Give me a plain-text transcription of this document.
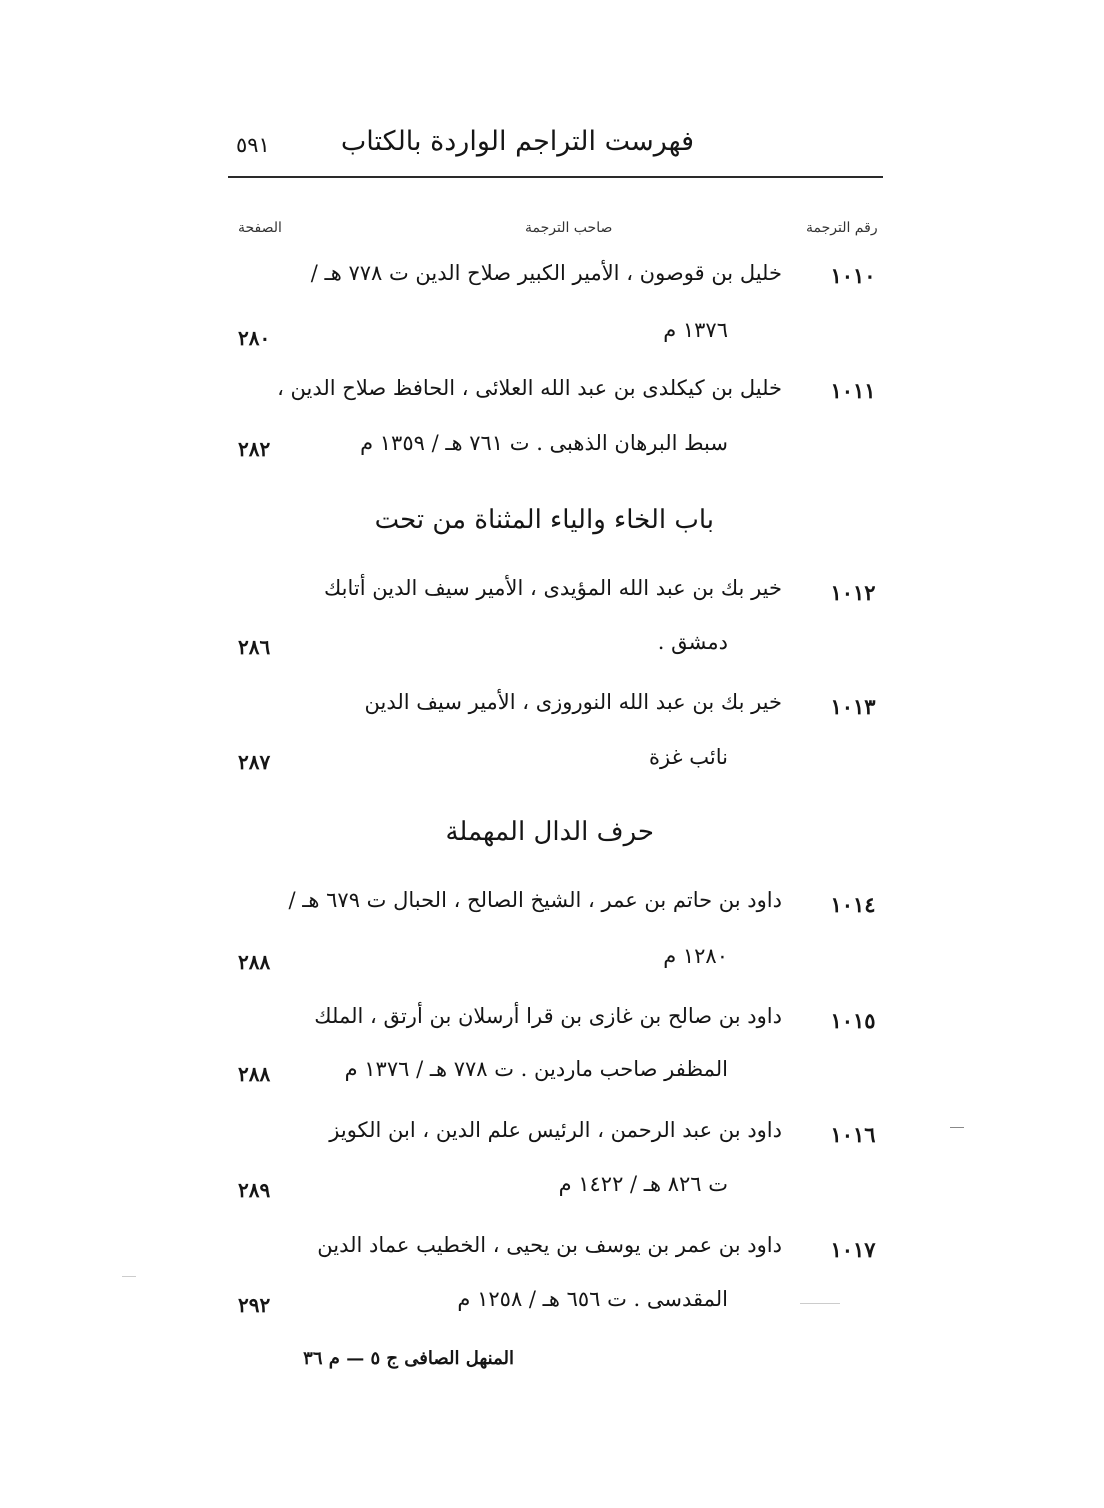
فهرست التراجم الواردة بالكتاب
٥٩١
رقم الترجمة
صاحب الترجمة
الصفحة
١٠١٠
خليل بن قوصون ، الأمير الكبير صلاح الدين ت ٧٧٨ هـ /
١٣٧٦ م
٢٨٠
١٠١١
خليل بن كيكلدى بن عبد الله العلائى ، الحافظ صلاح الدين ،
سبط البرهان الذهبى . ت ٧٦١ هـ / ١٣٥٩ م
٢٨٢
باب الخاء والياء المثناة من تحت
١٠١٢
خير بك بن عبد الله المؤيدى ، الأمير سيف الدين أتابك
دمشق .
٢٨٦
١٠١٣
خير بك بن عبد الله النوروزى ، الأمير سيف الدين
نائب غزة
٢٨٧
حرف الدال المهملة
١٠١٤
داود بن حاتم بن عمر ، الشيخ الصالح ، الحبال ت ٦٧٩ هـ /
١٢٨٠ م
٢٨٨
١٠١٥
داود بن صالح بن غازى بن قرا أرسلان بن أرتق ، الملك
المظفر صاحب ماردين . ت ٧٧٨ هـ / ١٣٧٦ م
٢٨٨
١٠١٦
داود بن عبد الرحمن ، الرئيس علم الدين ، ابن الكويز
ت ٨٢٦ هـ / ١٤٢٢ م
٢٨٩
١٠١٧
داود بن عمر بن يوسف بن يحيى ، الخطيب عماد الدين
المقدسى . ت ٦٥٦ هـ / ١٢٥٨ م
٢٩٢
المنهل الصافى ج ٥ — م ٣٦
